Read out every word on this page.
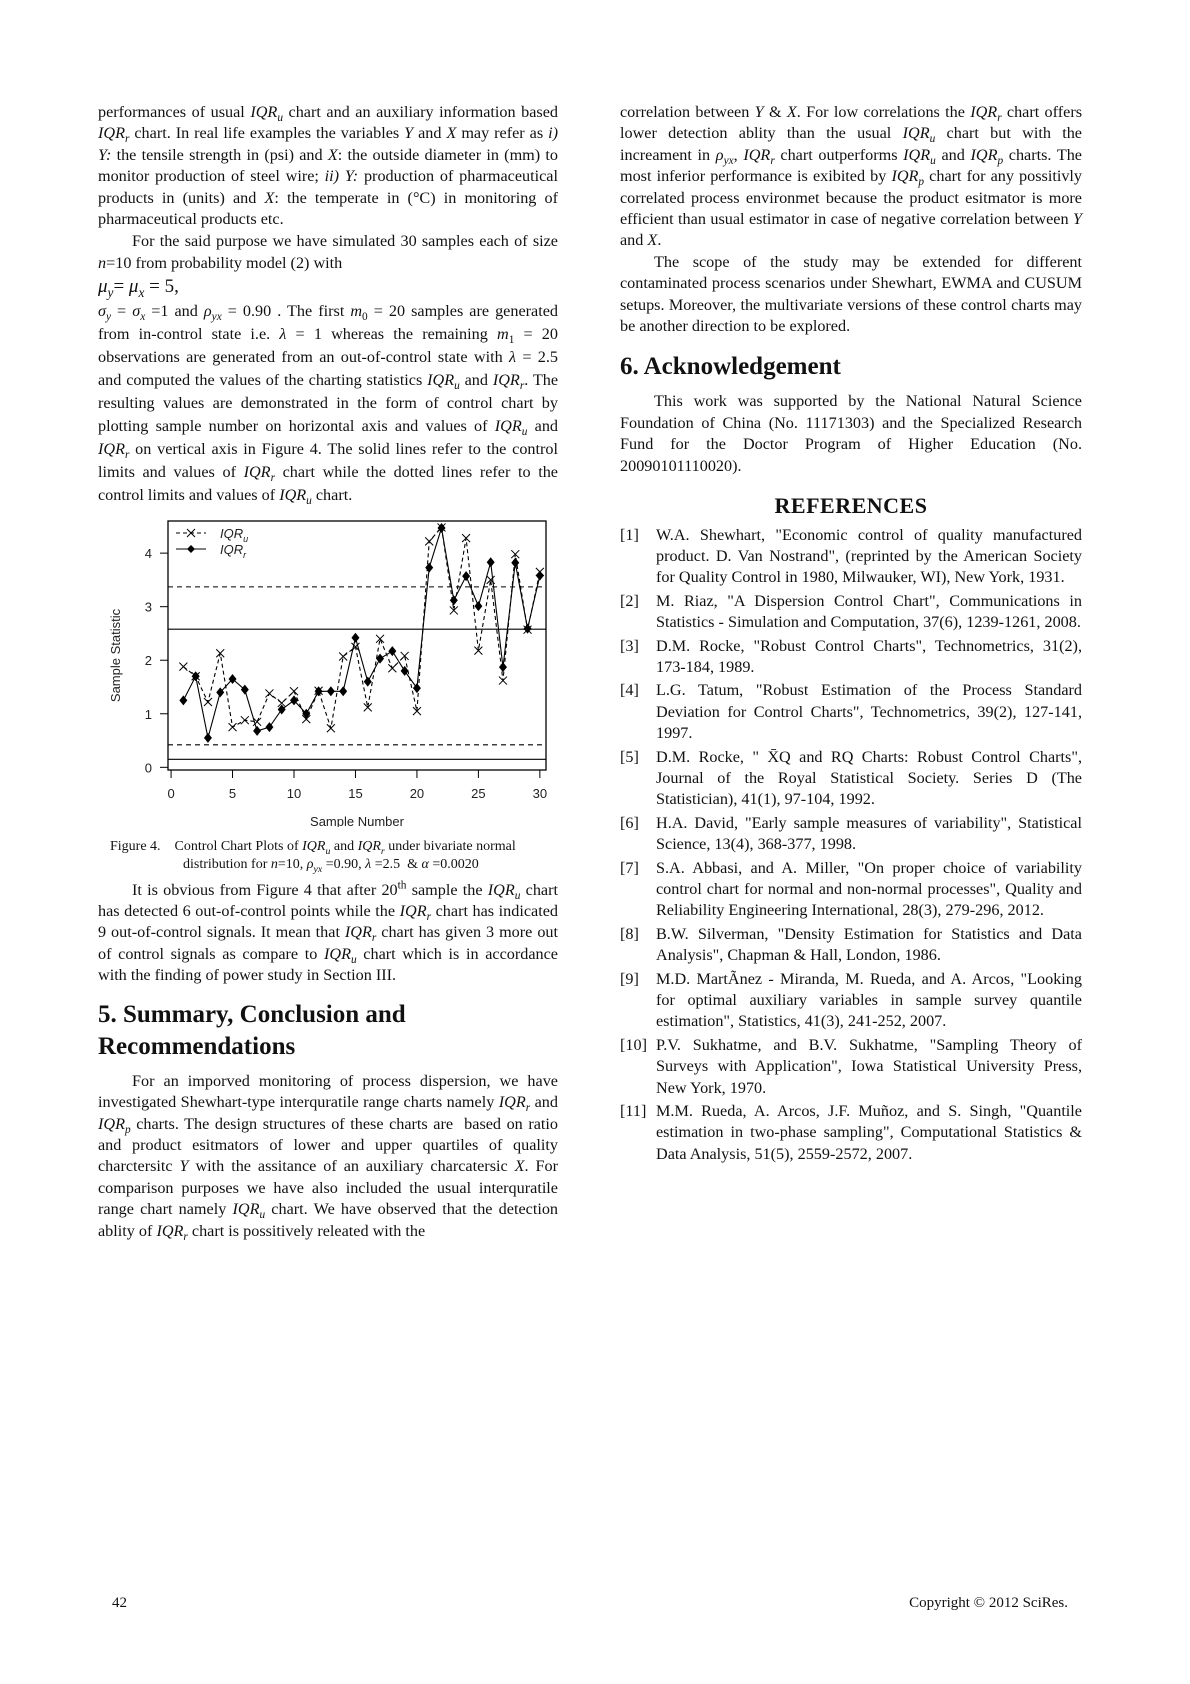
performances of usual $IQR_u$ chart and an auxiliary information based $IQR_r$ chart. In real life examples the variables Y and X may refer as i) Y: the tensile strength in (psi) and X: the outside diameter in (mm) to monitor production of steel wire; ii) Y: production of pharmaceutical products in (units) and X: the temperate in (°C) in monitoring of pharmaceutical products etc.

For the said purpose we have simulated 30 samples each of size n=10 from probability model (2) with

$\mu_y= \mu_x = 5$,

$\sigma_y = \sigma_x =1$ and $\rho_{yx} = 0.90$ . The first $m_0 = 20$ samples are generated from in-control state i.e. λ = 1 whereas the remaining $m_1 = 20$ observations are generated from an out-of-control state with λ = 2.5 and computed the values of the charting statistics $IQR_u$ and $IQR_r$. The resulting values are demonstrated in the form of control chart by plotting sample number on horizontal axis and values of $IQR_u$ and $IQR_r$ on vertical axis in Figure 4. The solid lines refer to the control limits and values of $IQR_r$ chart while the dotted lines refer to the control limits and values of $IQR_u$ chart.

0
1
2
3
4
0	5	10	15	20	25	30
Sample Number
Sample Statistic
$IQR_u$
$IQR_r$
Figure 4.    Control Chart Plots of $IQR_u$ and $IQR_r$ under bivariate normal
distribution for n=10, $\rho_{yx} =0.90$, λ =2.5  & α =0.0020

It is obvious from Figure 4 that after 20th sample the $IQR_u$ chart has detected 6 out-of-control points while the $IQR_r$ chart has indicated 9 out-of-control signals. It mean that $IQR_r$ chart has given 3 more out of control signals as compare to $IQR_u$ chart which is in accordance with the finding of power study in Section III.

5. Summary, Conclusion and
Recommendations

For an imporved monitoring of process dispersion, we have investigated Shewhart-type interquratile range charts namely $IQR_r$ and $IQR_p$ charts. The design structures of these charts are  based on ratio and product esitmators of lower and upper quartiles of quality charctersitc Y with the assitance of an auxiliary charcatersic X. For comparison purposes we have also included the usual interquratile range chart namely $IQR_u$ chart. We have observed that the detection ablity of $IQR_r$ chart is possitively releated with the

correlation between Y & X. For low correlations the $IQR_r$ chart offers lower detection ablity than the usual $IQR_u$ chart but with the increament in $\rho_{yx}$, $IQR_r$ chart outperforms $IQR_u$ and $IQR_p$ charts. The most inferior performance is exibited by $IQR_p$ chart for any possitivly correlated process environmet because the product esitmator is more efficient than usual estimator in case of negative correlation between Y and X.

The scope of the study may be extended for different contaminated process scenarios under Shewhart, EWMA and CUSUM setups. Moreover, the multivariate versions of these control charts may be another direction to be explored.

6. Acknowledgement

This work was supported by the National Natural Science Foundation of China (No. 11171303) and the Specialized Research Fund for the Doctor Program of Higher Education (No. 20090101110020).

REFERENCES
[1]	W.A. Shewhart, "Economic control of quality manufactured product. D. Van Nostrand", (reprinted by the American Society for Quality Control in 1980, Milwauker, WI), New York, 1931.
[2]	M. Riaz, "A Dispersion Control Chart", Communications in Statistics - Simulation and Computation, 37(6), 1239-1261, 2008.
[3]	D.M. Rocke, "Robust Control Charts", Technometrics, 31(2), 173-184, 1989.
[4]	L.G. Tatum, "Robust Estimation of the Process Standard Deviation for Control Charts", Technometrics, 39(2), 127-141, 1997.
[5]	D.M. Rocke, " X̄Q and RQ Charts: Robust Control Charts", Journal of the Royal Statistical Society. Series D (The Statistician), 41(1), 97-104, 1992.
[6]	H.A. David, "Early sample measures of variability", Statistical Science, 13(4), 368-377, 1998.
[7]	S.A. Abbasi, and A. Miller, "On proper choice of variability control chart for normal and non-normal processes", Quality and Reliability Engineering International, 28(3), 279-296, 2012.
[8]	B.W. Silverman, "Density Estimation for Statistics and Data Analysis", Chapman & Hall, London, 1986.
[9]	M.D. MartÃnez - Miranda, M. Rueda, and A. Arcos, "Looking for optimal auxiliary variables in sample survey quantile estimation", Statistics, 41(3), 241-252, 2007.
[10] P.V. Sukhatme, and B.V. Sukhatme, "Sampling Theory of Surveys with Application", Iowa Statistical University Press, New York, 1970.
[11] M.M. Rueda, A. Arcos, J.F. Muñoz, and S. Singh, "Quantile estimation in two-phase sampling", Computational Statistics & Data Analysis, 51(5), 2559-2572, 2007.
42	Copyright © 2012 SciRes.
